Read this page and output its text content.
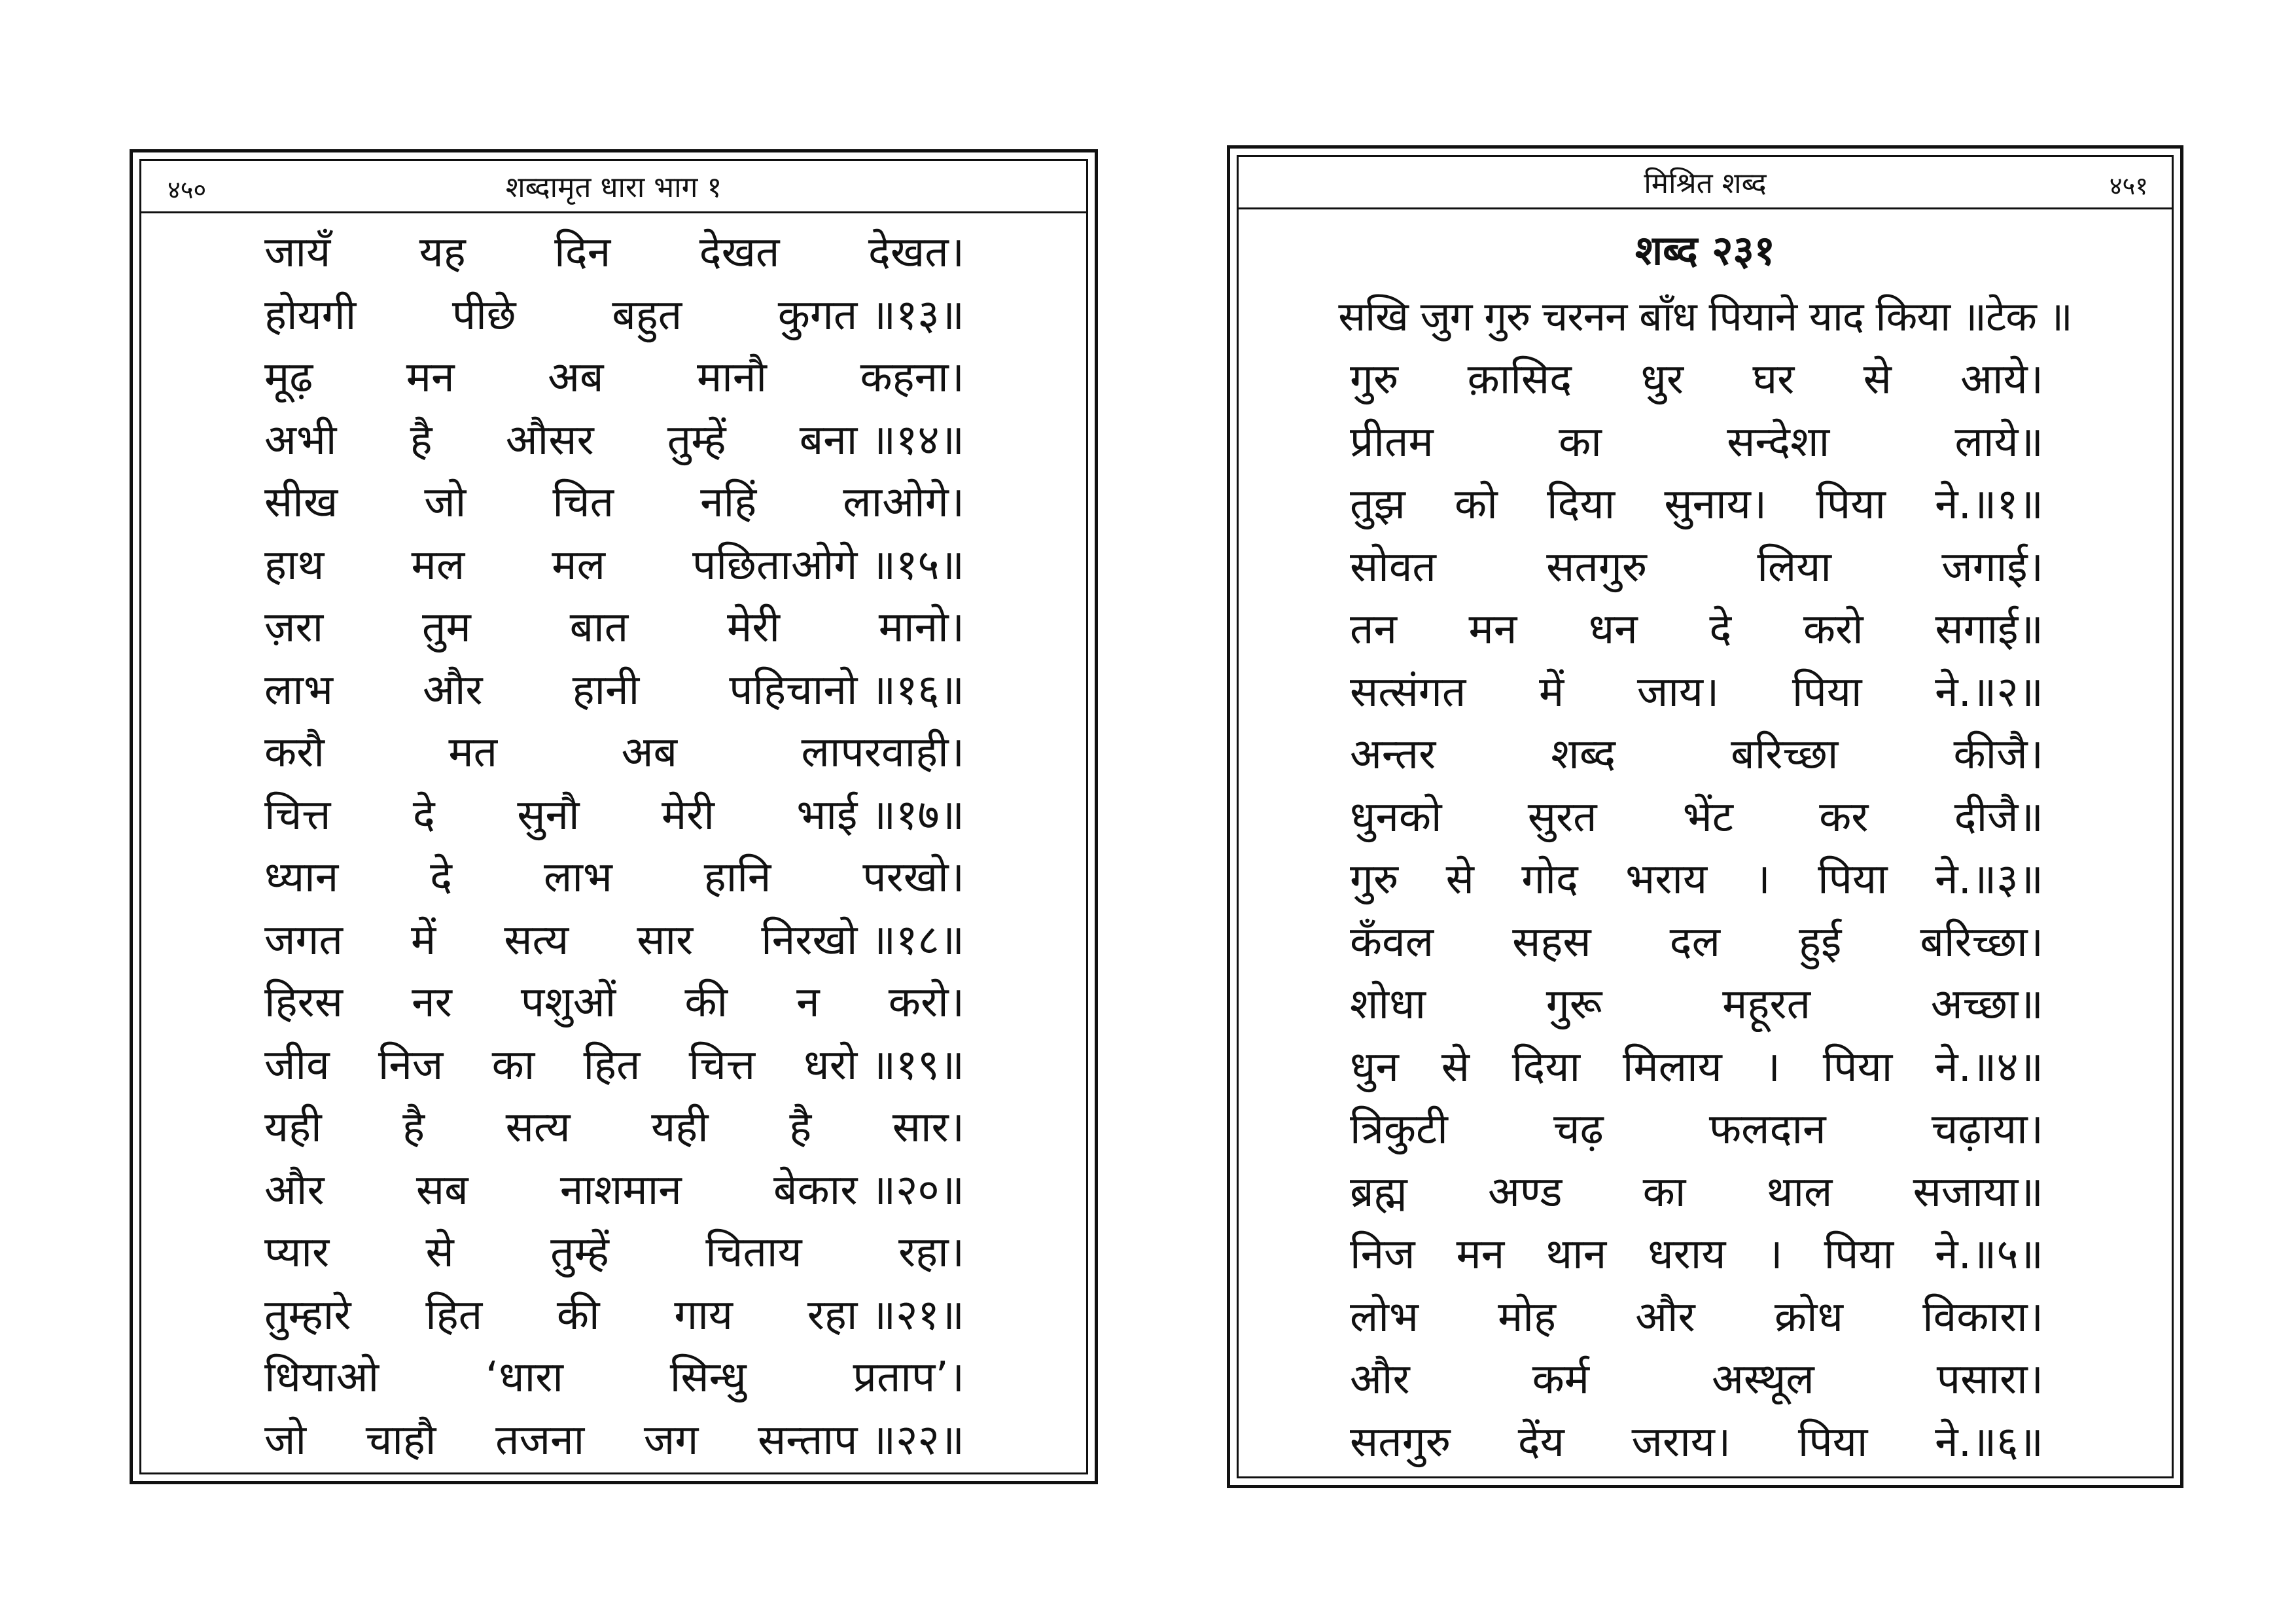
४५०	शब्दामृत धारा भाग १
जायँ यह दिन देखत देखत।
होयगी पीछे बहुत कुगत ॥१३॥
मूढ़ मन अब मानौ कहना।
अभी है औसर तुम्हें बना ॥१४॥
सीख जो चित नहिं लाओगे।
हाथ मल मल पछिताओगे ॥१५॥
ज़रा तुम बात मेरी मानो।
लाभ और हानी पहिचानो ॥१६॥
करौ	मत	अब	लापरवाही।
चित्त दे सुनौ मेरी भाई ॥१७॥
ध्यान दे लाभ हानि परखो।
जगत में सत्य सार निरखो ॥१८॥
हिरस नर पशुओं की न करो।
जीव निज का हित चित्त धरो ॥१९॥
यही है सत्य यही है सार।
और सब नाशमान बेकार ॥२०॥
प्यार से तुम्हें चिताय रहा।
तुम्हारे हित की गाय रहा ॥२१॥
धियाओ	‘धारा	सिन्धु	प्रताप’।
जो चाहौ तजना जग सन्ताप ॥२२॥
मिश्रित शब्द	४५१
शब्द २३१
सखि जुग गुरु चरनन बाँध पियाने याद किया ॥टेक ॥
गुरु क़ासिद धुर घर से आये।
प्रीतम	का	सन्देशा	लाये॥
तुझ को दिया सुनाय। पिया ने.॥१॥
सोवत	सतगुरु	लिया	जगाई।
तन मन धन दे करो सगाई॥
सत्संगत में जाय। पिया ने.॥२॥
अन्तर	शब्द	बरिच्छा	कीजै।
धुनको सुरत भेंट कर दीजै॥
गुरु से गोद भराय । पिया ने.॥३॥
कँवल सहस दल हुई बरिच्छा।
शोधा	गुरू	महूरत	अच्छा॥
धुन से दिया मिलाय । पिया ने.॥४॥
त्रिकुटी	चढ़	फलदान	चढ़ाया।
ब्रह्म अण्ड का थाल सजाया॥
निज मन थान धराय । पिया ने.॥५॥
लोभ मोह और क्रोध विकारा।
और	कर्म	अस्थूल	पसारा।
सतगुरु देंय जराय। पिया ने.॥६॥
